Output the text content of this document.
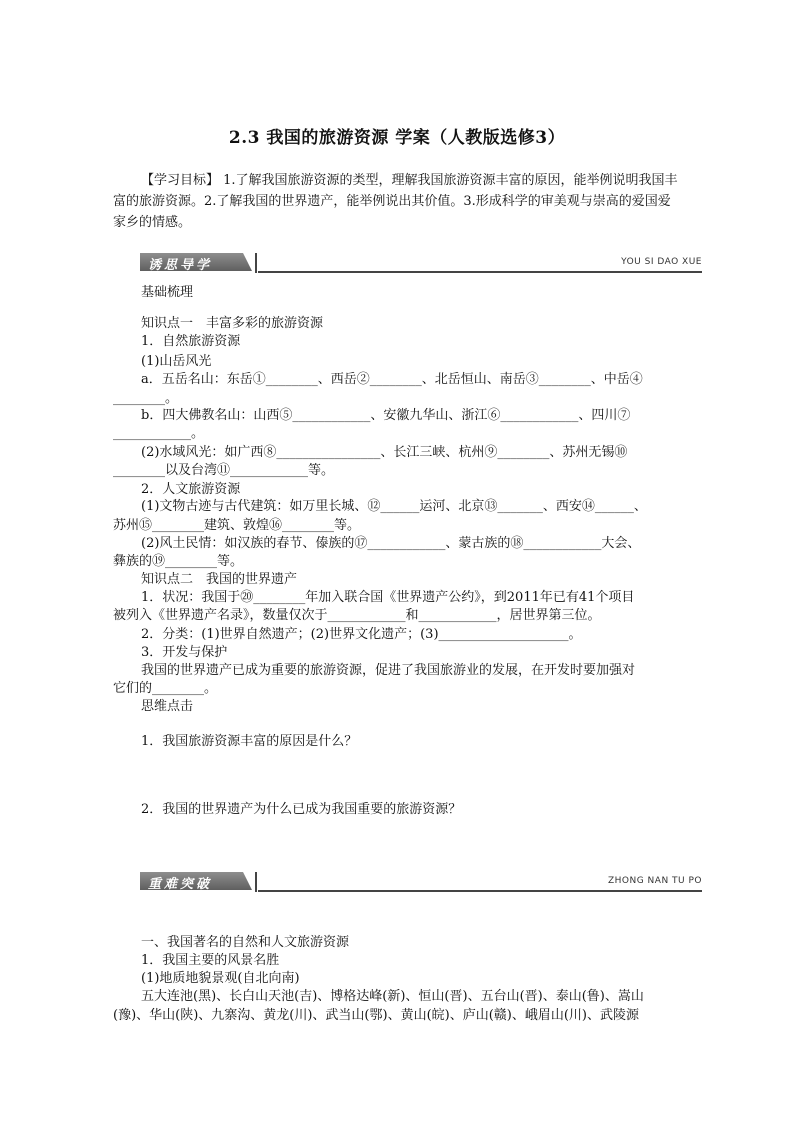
2.3 我国的旅游资源 学案（人教版选修3）
【学习目标】 1.了解我国旅游资源的类型，理解我国旅游资源丰富的原因，能举例说明我国丰富的旅游资源。2.了解我国的世界遗产，能举例说出其价值。3.形成科学的审美观与崇高的爱国爱家乡的情感。
诱思导学	YOU SI DAO XUE
基础梳理
知识点一　丰富多彩的旅游资源
1．自然旅游资源
(1)山岳风光
a．五岳名山：东岳①________、西岳②________、北岳恒山、南岳③________、中岳④
________。
b．四大佛教名山：山西⑤____________、安徽九华山、浙江⑥____________、四川⑦
____________。
(2)水域风光：如广西⑧________________、长江三峡、杭州⑨________、苏州无锡⑩
________以及台湾⑪____________等。
2．人文旅游资源
(1)文物古迹与古代建筑：如万里长城、⑫______运河、北京⑬_______、西安⑭______、
苏州⑮________建筑、敦煌⑯________等。
(2)风土民情：如汉族的春节、傣族的⑰____________、蒙古族的⑱____________大会、
彝族的⑲________等。
知识点二　我国的世界遗产
1．状况：我国于⑳________年加入联合国《世界遗产公约》，到2011年已有41个项目
被列入《世界遗产名录》，数量仅次于____________和____________，居世界第三位。
2．分类：(1)世界自然遗产；(2)世界文化遗产；(3)____________________。
3．开发与保护
我国的世界遗产已成为重要的旅游资源，促进了我国旅游业的发展，在开发时要加强对
它们的________。
思维点击
1．我国旅游资源丰富的原因是什么？
2．我国的世界遗产为什么已成为我国重要的旅游资源？
重难突破	ZHONG NAN TU PO
一、我国著名的自然和人文旅游资源
1．我国主要的风景名胜
(1)地质地貌景观(自北向南)
五大连池(黑)、长白山天池(吉)、博格达峰(新)、恒山(晋)、五台山(晋)、泰山(鲁)、嵩山
(豫)、华山(陕)、九寨沟、黄龙(川)、武当山(鄂)、黄山(皖)、庐山(赣)、峨眉山(川)、武陵源
